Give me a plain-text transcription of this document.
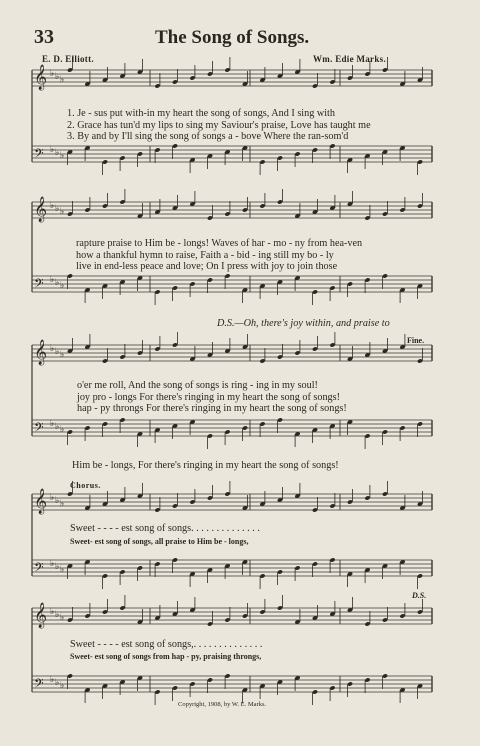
33	The Song of Songs.
E. D. Elliott.	Wm. Edie Marks.
𝄞 ♭ ♭ ♭
𝄢 ♭ ♭ ♭
𝄞 ♭ ♭ ♭
𝄢 ♭ ♭ ♭
𝄞 ♭ ♭ ♭
𝄢 ♭ ♭ ♭
𝄞 ♭ ♭ ♭
𝄢 ♭ ♭ ♭
𝄞 ♭ ♭ ♭
𝄢 ♭ ♭ ♭
1. Je - sus put with-in my heart the song of songs, And I sing with
2. Grace has tun'd my lips to sing my Saviour's praise, Love has taught me
3. By and by I'll sing the song of songs a - bove Where the ran-som'd
rapture praise to Him be - longs! Waves of har - mo - ny from hea-ven
how a thankful hymn to raise, Faith a - bid - ing still my bo - ly
live in end-less peace and love; On I press with joy to join those
D.S.—Oh, there's joy within, and praise to
Fine.
o'er me roll, And the song of songs is ring - ing in my soul!
joy pro - longs For there's ringing in my heart the song of songs!
hap - py throngs For there's ringing in my heart the song of songs!
Him be - longs, For there's ringing in my heart the song of songs!
Chorus.
Sweet - - - - est song of songs. . . . . . . . . . . . . .
Sweet- est song of songs, all praise to Him be - longs,
D.S.
Sweet - - - - est song of songs,. . . . . . . . . . . . . .
Sweet- est song of songs from hap - py, praising throngs,
Copyright, 1908, by W. E. Marks.
